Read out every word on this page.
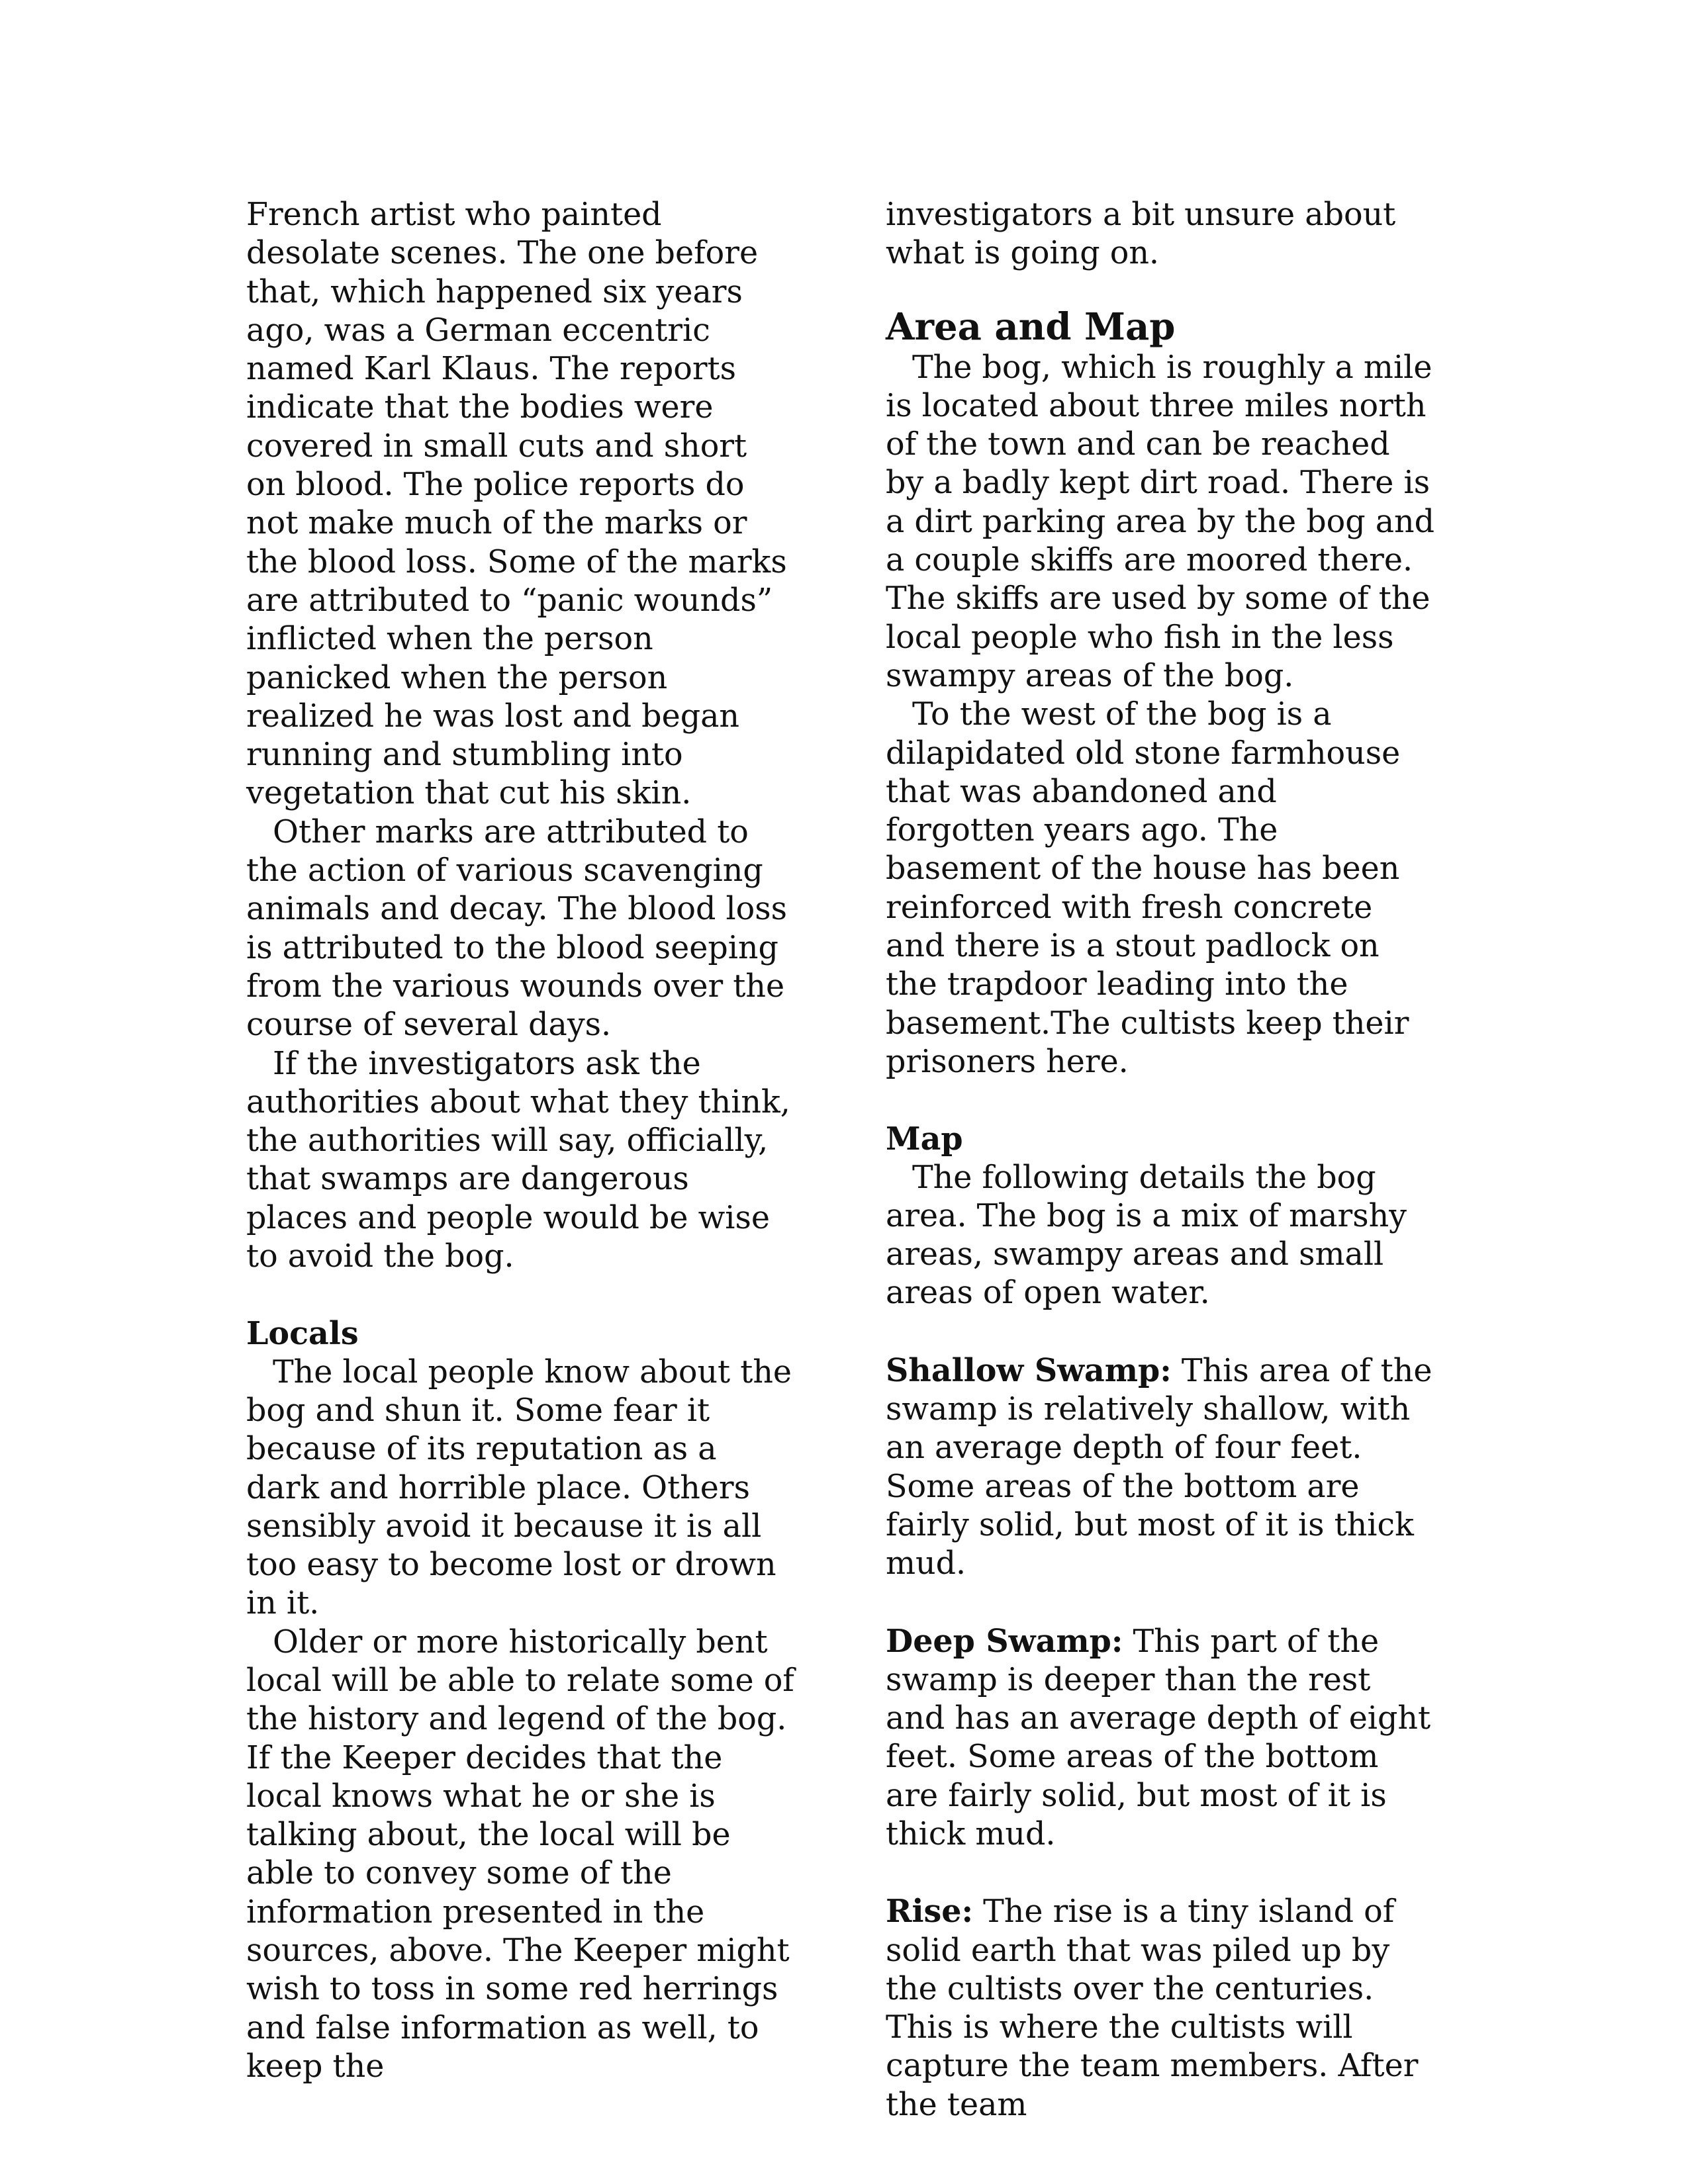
French artist who painted desolate scenes. The one before that, which happened six years ago, was a German eccentric named Karl Klaus. The reports indicate that the bodies were covered in small cuts and short on blood. The police reports do not make much of the marks or the blood loss. Some of the marks are attributed to “panic wounds” inflicted when the person panicked when the person realized he was lost and began running and stumbling into vegetation that cut his skin.

Other marks are attributed to the action of various scavenging animals and decay. The blood loss is attributed to the blood seeping from the various wounds over the course of several days.

If the investigators ask the authorities about what they think, the authorities will say, officially, that swamps are dangerous places and people would be wise to avoid the bog.

Locals

The local people know about the bog and shun it. Some fear it because of its reputation as a dark and horrible place. Others sensibly avoid it because it is all too easy to become lost or drown in it.

Older or more historically bent local will be able to relate some of the history and legend of the bog. If the Keeper decides that the local knows what he or she is talking about, the local will be able to convey some of the information presented in the sources, above. The Keeper might wish to toss in some red herrings and false information as well, to keep the

investigators a bit unsure about what is going on.

Area and Map

The bog, which is roughly a mile is located about three miles north of the town and can be reached by a badly kept dirt road. There is a dirt parking area by the bog and a couple skiffs are moored there. The skiffs are used by some of the local people who fish in the less swampy areas of the bog.

To the west of the bog is a dilapidated old stone farmhouse that was abandoned and forgotten years ago. The basement of the house has been reinforced with fresh concrete and there is a stout padlock on the trapdoor leading into the basement.The cultists keep their prisoners here.

Map

The following details the bog area. The bog is a mix of marshy areas, swampy areas and small areas of open water.

Shallow Swamp: This area of the swamp is relatively shallow, with an average depth of four feet. Some areas of the bottom are fairly solid, but most of it is thick mud.

Deep Swamp: This part of the swamp is deeper than the rest and has an average depth of eight feet. Some areas of the bottom are fairly solid, but most of it is thick mud.

Rise: The rise is a tiny island of solid earth that was piled up by the cultists over the centuries. This is where the cultists will capture the team members. After the team
